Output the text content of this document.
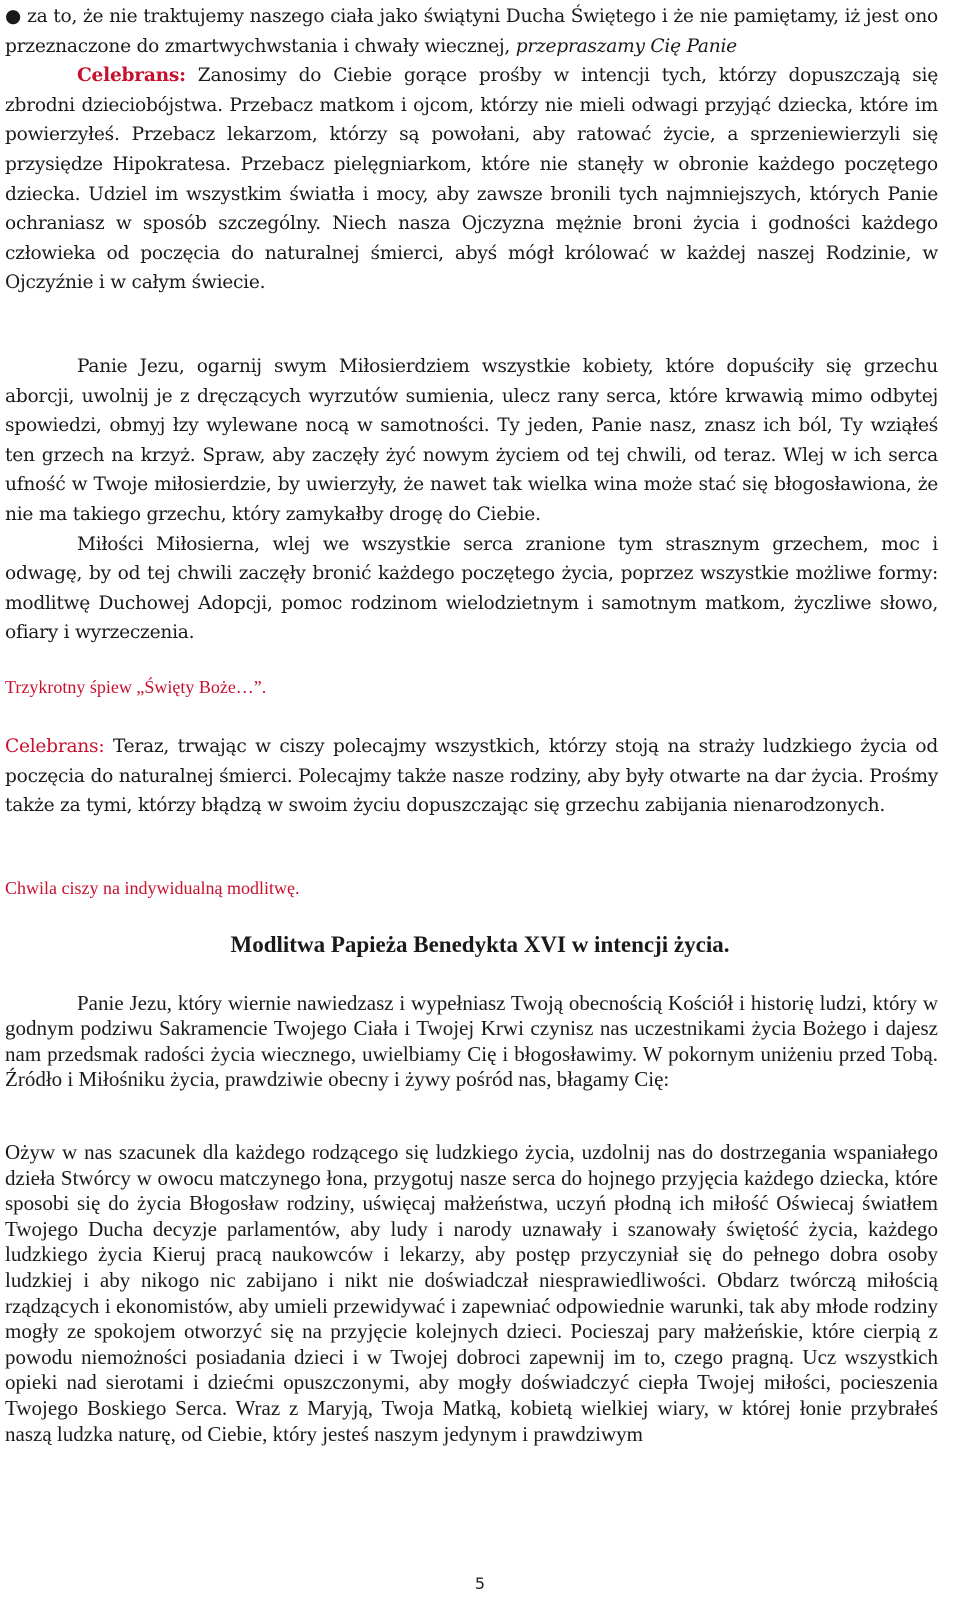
● za to, że nie traktujemy naszego ciała jako świątyni Ducha Świętego i że nie pamiętamy, iż jest ono przeznaczone do zmartwychwstania i chwały wiecznej, przepraszamy Cię Panie

Celebrans: Zanosimy do Ciebie gorące prośby w intencji tych, którzy dopuszczają się zbrodni dzieciobójstwa. Przebacz matkom i ojcom, którzy nie mieli odwagi przyjąć dziecka, które im powierzyłeś. Przebacz lekarzom, którzy są powołani, aby ratować życie, a sprzeniewierzyli się przysiędze Hipokratesa. Przebacz pielęgniarkom, które nie stanęły w obronie każdego poczętego dziecka. Udziel im wszystkim światła i mocy, aby zawsze bronili tych najmniejszych, których Panie ochraniasz w sposób szczególny. Niech nasza Ojczyzna mężnie broni życia i godności każdego człowieka od poczęcia do naturalnej śmierci, abyś mógł królować w każdej naszej Rodzinie, w Ojczyźnie i w całym świecie.

Panie Jezu, ogarnij swym Miłosierdziem wszystkie kobiety, które dopuściły się grzechu aborcji, uwolnij je z dręczących wyrzutów sumienia, ulecz rany serca, które krwawią mimo odbytej spowiedzi, obmyj łzy wylewane nocą w samotności. Ty jeden, Panie nasz, znasz ich ból, Ty wziąłeś ten grzech na krzyż. Spraw, aby zaczęły żyć nowym życiem od tej chwili, od teraz. Wlej w ich serca ufność w Twoje miłosierdzie, by uwierzyły, że nawet tak wielka wina może stać się błogosławiona, że nie ma takiego grzechu, który zamykałby drogę do Ciebie.

Miłości Miłosierna, wlej we wszystkie serca zranione tym strasznym grzechem, moc i odwagę, by od tej chwili zaczęły bronić każdego poczętego życia, poprzez wszystkie możliwe formy: modlitwę Duchowej Adopcji, pomoc rodzinom wielodzietnym i samotnym matkom, życzliwe słowo, ofiary i wyrzeczenia.

Trzykrotny śpiew „Święty Boże…”.

Celebrans: Teraz, trwając w ciszy polecajmy wszystkich, którzy stoją na straży ludzkiego życia od poczęcia do naturalnej śmierci. Polecajmy także nasze rodziny, aby były otwarte na dar życia. Prośmy także za tymi, którzy błądzą w swoim życiu dopuszczając się grzechu zabijania nienarodzonych.

Chwila ciszy na indywidualną modlitwę.
Modlitwa Papieża Benedykta XVI w intencji życia.

Panie Jezu, który wiernie nawiedzasz i wypełniasz Twoją obecnością Kościół i historię ludzi, który w godnym podziwu Sakramencie Twojego Ciała i Twojej Krwi czynisz nas uczestnikami życia Bożego i dajesz nam przedsmak radości życia wiecznego, uwielbiamy Cię i błogosławimy. W pokornym uniżeniu przed Tobą. Źródło i Miłośniku życia, prawdziwie obecny i żywy pośród nas, błagamy Cię:

Ożyw w nas szacunek dla każdego rodzącego się ludzkiego życia, uzdolnij nas do dostrzegania wspaniałego dzieła Stwórcy w owocu matczynego łona, przygotuj nasze serca do hojnego przyjęcia każdego dziecka, które sposobi się do życia Błogosław rodziny, uświęcaj małżeństwa, uczyń płodną ich miłość Oświecaj światłem Twojego Ducha decyzje parlamentów, aby ludy i narody uznawały i szanowały świętość życia, każdego ludzkiego życia Kieruj pracą naukowców i lekarzy, aby postęp przyczyniał się do pełnego dobra osoby ludzkiej i aby nikogo nic zabijano i nikt nie doświadczał niesprawiedliwości. Obdarz twórczą miłością rządzących i ekonomistów, aby umieli przewidywać i zapewniać odpowiednie warunki, tak aby młode rodziny mogły ze spokojem otworzyć się na przyjęcie kolejnych dzieci. Pocieszaj pary małżeńskie, które cierpią z powodu niemożności posiadania dzieci i w Twojej dobroci zapewnij im to, czego pragną. Ucz wszystkich opieki nad sierotami i dziećmi opuszczonymi, aby mogły doświadczyć ciepła Twojej miłości, pocieszenia Twojego Boskiego Serca. Wraz z Maryją, Twoja Matką, kobietą wielkiej wiary, w której łonie przybrałeś naszą ludzka naturę, od Ciebie, który jesteś naszym jedynym i prawdziwym

5
